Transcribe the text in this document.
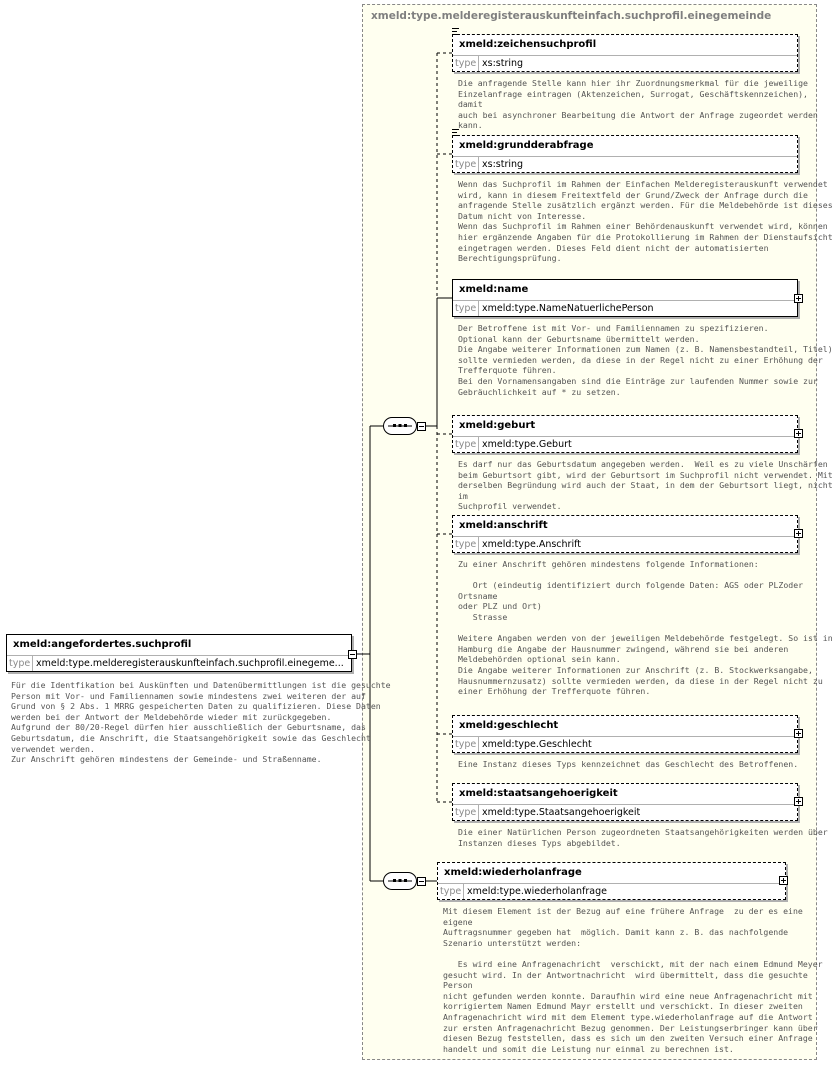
xmeld:type.melderegisterauskunfteinfach.suchprofil.einegemeinde
xmeld:angefordertes.suchprofil
type xmeld:type.melderegisterauskunfteinfach.suchprofil.einegeme...
Für die Identfikation bei Auskünften und Datenübermittlungen ist die gesuchte
Person mit Vor- und Familiennamen sowie mindestens zwei weiteren der auf
Grund von § 2 Abs. 1 MRRG gespeicherten Daten zu qualifizieren. Diese Daten
werden bei der Antwort der Meldebehörde wieder mit zurückgegeben.
Aufgrund der 80/20-Regel dürfen hier ausschließlich der Geburtsname, das
Geburtsdatum, die Anschrift, die Staatsangehörigkeit sowie das Geschlecht
verwendet werden.
Zur Anschrift gehören mindestens der Gemeinde- und Straßenname.
xmeld:zeichensuchprofil
type xs:string
Die anfragende Stelle kann hier ihr Zuordnungsmerkmal für die jeweilige
Einzelanfrage eintragen (Aktenzeichen, Surrogat, Geschäftskennzeichen), damit
auch bei asynchroner Bearbeitung die Antwort der Anfrage zugeordet werden
kann.
xmeld:grundderabfrage
type xs:string
Wenn das Suchprofil im Rahmen der Einfachen Melderegisterauskunft verwendet
wird, kann in diesem Freitextfeld der Grund/Zweck der Anfrage durch die
anfragende Stelle zusätzlich ergänzt werden. Für die Meldebehörde ist dieses
Datum nicht von Interesse.
Wenn das Suchprofil im Rahmen einer Behördenauskunft verwendet wird, können
hier ergänzende Angaben für die Protokollierung im Rahmen der Dienstaufsicht
eingetragen werden. Dieses Feld dient nicht der automatisierten
Berechtigungsprüfung.
xmeld:name
type xmeld:type.NameNatuerlichePerson
Der Betroffene ist mit Vor- und Familiennamen zu spezifizieren.
Optional kann der Geburtsname übermittelt werden.
Die Angabe weiterer Informationen zum Namen (z. B. Namensbestandteil, Titel)
sollte vermieden werden, da diese in der Regel nicht zu einer Erhöhung der
Trefferquote führen.
Bei den Vornamensangaben sind die Einträge zur laufenden Nummer sowie zur
Gebräuchlichkeit auf * zu setzen.
xmeld:geburt
type xmeld:type.Geburt
Es darf nur das Geburtsdatum angegeben werden.  Weil es zu viele Unschärfen
beim Geburtsort gibt, wird der Geburtsort im Suchprofil nicht verwendet. Mit
derselben Begründung wird auch der Staat, in dem der Geburtsort liegt, nicht im
Suchprofil verwendet.
xmeld:anschrift
type xmeld:type.Anschrift
Zu einer Anschrift gehören mindestens folgende Informationen:

Ort (eindeutig identifiziert durch folgende Daten: AGS oder PLZoder Ortsname
oder PLZ und Ort)
Strasse

Weitere Angaben werden von der jeweiligen Meldebehörde festgelegt. So ist in
Hamburg die Angabe der Hausnummer zwingend, während sie bei anderen
Meldebehörden optional sein kann.
Die Angabe weiterer Informationen zur Anschrift (z. B. Stockwerksangabe,
Hausnummernzusatz) sollte vermieden werden, da diese in der Regel nicht zu
einer Erhöhung der Trefferquote führen.
xmeld:geschlecht
type xmeld:type.Geschlecht
Eine Instanz dieses Typs kennzeichnet das Geschlecht des Betroffenen.
xmeld:staatsangehoerigkeit
type xmeld:type.Staatsangehoerigkeit
Die einer Natürlichen Person zugeordneten Staatsangehörigkeiten werden über
Instanzen dieses Typs abgebildet.
xmeld:wiederholanfrage
type xmeld:type.wiederholanfrage
Mit diesem Element ist der Bezug auf eine frühere Anfrage  zu der es eine eigene
Auftragsnummer gegeben hat  möglich. Damit kann z. B. das nachfolgende
Szenario unterstützt werden:

Es wird eine Anfragenachricht  verschickt, mit der nach einem Edmund Meyer
gesucht wird. In der Antwortnachricht  wird übermittelt, dass die gesuchte Person
nicht gefunden werden konnte. Daraufhin wird eine neue Anfragenachricht mit
korrigiertem Namen Edmund Mayr erstellt und verschickt. In dieser zweiten
Anfragenachricht wird mit dem Element type.wiederholanfrage auf die Antwort
zur ersten Anfragenachricht Bezug genommen. Der Leistungserbringer kann über
diesen Bezug feststellen, dass es sich um den zweiten Versuch einer Anfrage
handelt und somit die Leistung nur einmal zu berechnen ist.
